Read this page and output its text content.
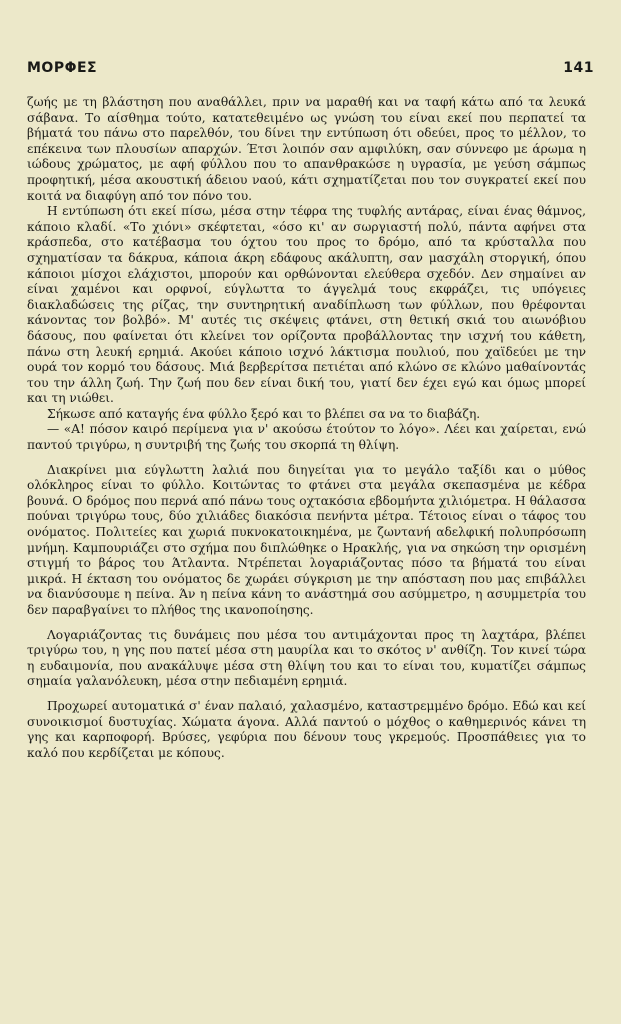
ΜΟΡΦΕΣ	141

ζωής με τη βλάστηση που αναθάλλει, πριν να μαραθή και να ταφή κάτω από τα λευκά σάβανα. Το αίσθημα τούτο, κατατεθειμένο ως γνώση του είναι εκεί που περπατεί τα βήματά του πάνω στο παρελθόν, του δίνει την εντύπωση ότι οδεύει, προς το μέλλον, το επέκεινα των πλουσίων απαρχών. Έτσι λοιπόν σαν αμφιλύκη, σαν σύννεφο με άρωμα η ιώδους χρώματος, με αφή φύλλου που το απανθρακώσε η υγρασία, με γεύση σάμπως προφητική, μέσα ακουστική άδειου ναού, κάτι σχηματίζεται που τον συγκρατεί εκεί που κοιτά να διαφύγη από τον πόνο του.

Η εντύπωση ότι εκεί πίσω, μέσα στην τέφρα της τυφλής αντάρας, είναι ένας θάμνος, κάποιο κλαδί. «Το χιόνι» σκέφτεται, «όσο κι' αν σωργιαστή πολύ, πάντα αφήνει στα κράσπεδα, στο κατέβασμα του όχτου του προς το δρόμο, από τα κρύσταλλα που σχηματίσαν τα δάκρυα, κάποια άκρη εδάφους ακάλυπτη, σαν μασχάλη στοργική, όπου κάποιοι μίσχοι ελάχιστοι, μπορούν και ορθώνονται ελεύθερα σχεδόν. Δεν σημαίνει αν είναι χαμένοι και ορφνοί, εύγλωττα το άγγελμά τους εκφράζει, τις υπόγειες διακλαδώσεις της ρίζας, την συντηρητική αναδίπλωση των φύλλων, που θρέφονται κάνοντας τον βολβό». Μ' αυτές τις σκέψεις φτάνει, στη θετική σκιά του αιωνόβιου δάσους, που φαίνεται ότι κλείνει τον ορίζοντα προβάλλοντας την ισχνή του κάθετη, πάνω στη λευκή ερημιά. Ακούει κάποιο ισχνό λάκτισμα πουλιού, που χαϊδεύει με την ουρά τον κορμό του δάσους. Μιά βερβερίτσα πετιέται από κλώνο σε κλώνο μαθαίνοντάς του την άλλη ζωή. Την ζωή που δεν είναι δική του, γιατί δεν έχει εγώ και όμως μπορεί και τη νιώθει.

Σήκωσε από καταγής ένα φύλλο ξερό και το βλέπει σα να το διαβάζη.

— «Α! πόσον καιρό περίμενα για ν' ακούσω έτούτον το λόγο». Λέει και χαίρεται, ενώ παντού τριγύρω, η συντριβή της ζωής του σκορπά τη θλίψη.

Διακρίνει μια εύγλωττη λαλιά που διηγείται για το μεγάλο ταξίδι και ο μύθος ολόκληρος είναι το φύλλο. Κοιτώντας το φτάνει στα μεγάλα σκεπασμένα με κέδρα βουνά. Ο δρόμος που περνά από πάνω τους οχτακόσια εβδομήντα χιλιόμετρα. Η θάλασσα πούναι τριγύρω τους, δύο χιλιάδες διακόσια πενήντα μέτρα. Τέτοιος είναι ο τάφος του ονόματος. Πολιτείες και χωριά πυκνοκατοικημένα, με ζωντανή αδελφική πολυπρόσωπη μνήμη. Καμπουριάζει στο σχήμα που διπλώθηκε ο Ηρακλής, για να σηκώση την ορισμένη στιγμή το βάρος του Άτλαντα. Ντρέπεται λογαριάζοντας πόσο τα βήματά του είναι μικρά. Η έκταση του ονόματος δε χωράει σύγκριση με την απόσταση που μας επιβάλλει να διανύσουμε η πείνα. Άν η πείνα κάνη το ανάστημά σου ασύμμετρο, η ασυμμετρία του δεν παραβγαίνει το πλήθος της ικανοποίησης.

Λογαριάζοντας τις δυνάμεις που μέσα του αντιμάχονται προς τη λαχτάρα, βλέπει τριγύρω του, η γης που πατεί μέσα στη μαυρίλα και το σκότος ν' ανθίζη. Τον κινεί τώρα η ευδαιμονία, που ανακάλυψε μέσα στη θλίψη του και το είναι του, κυματίζει σάμπως σημαία γαλανόλευκη, μέσα στην πεδιαμένη ερημιά.

Προχωρεί αυτοματικά σ' έναν παλαιό, χαλασμένο, καταστρεμμένο δρόμο. Εδώ και κεί συνοικισμοί δυστυχίας. Χώματα άγονα. Αλλά παντού ο μόχθος ο καθημερινός κάνει τη γης και καρποφορή. Βρύσες, γεφύρια που δένουν τους γκρεμούς. Προσπάθειες για το καλό που κερδίζεται με κόπους.
